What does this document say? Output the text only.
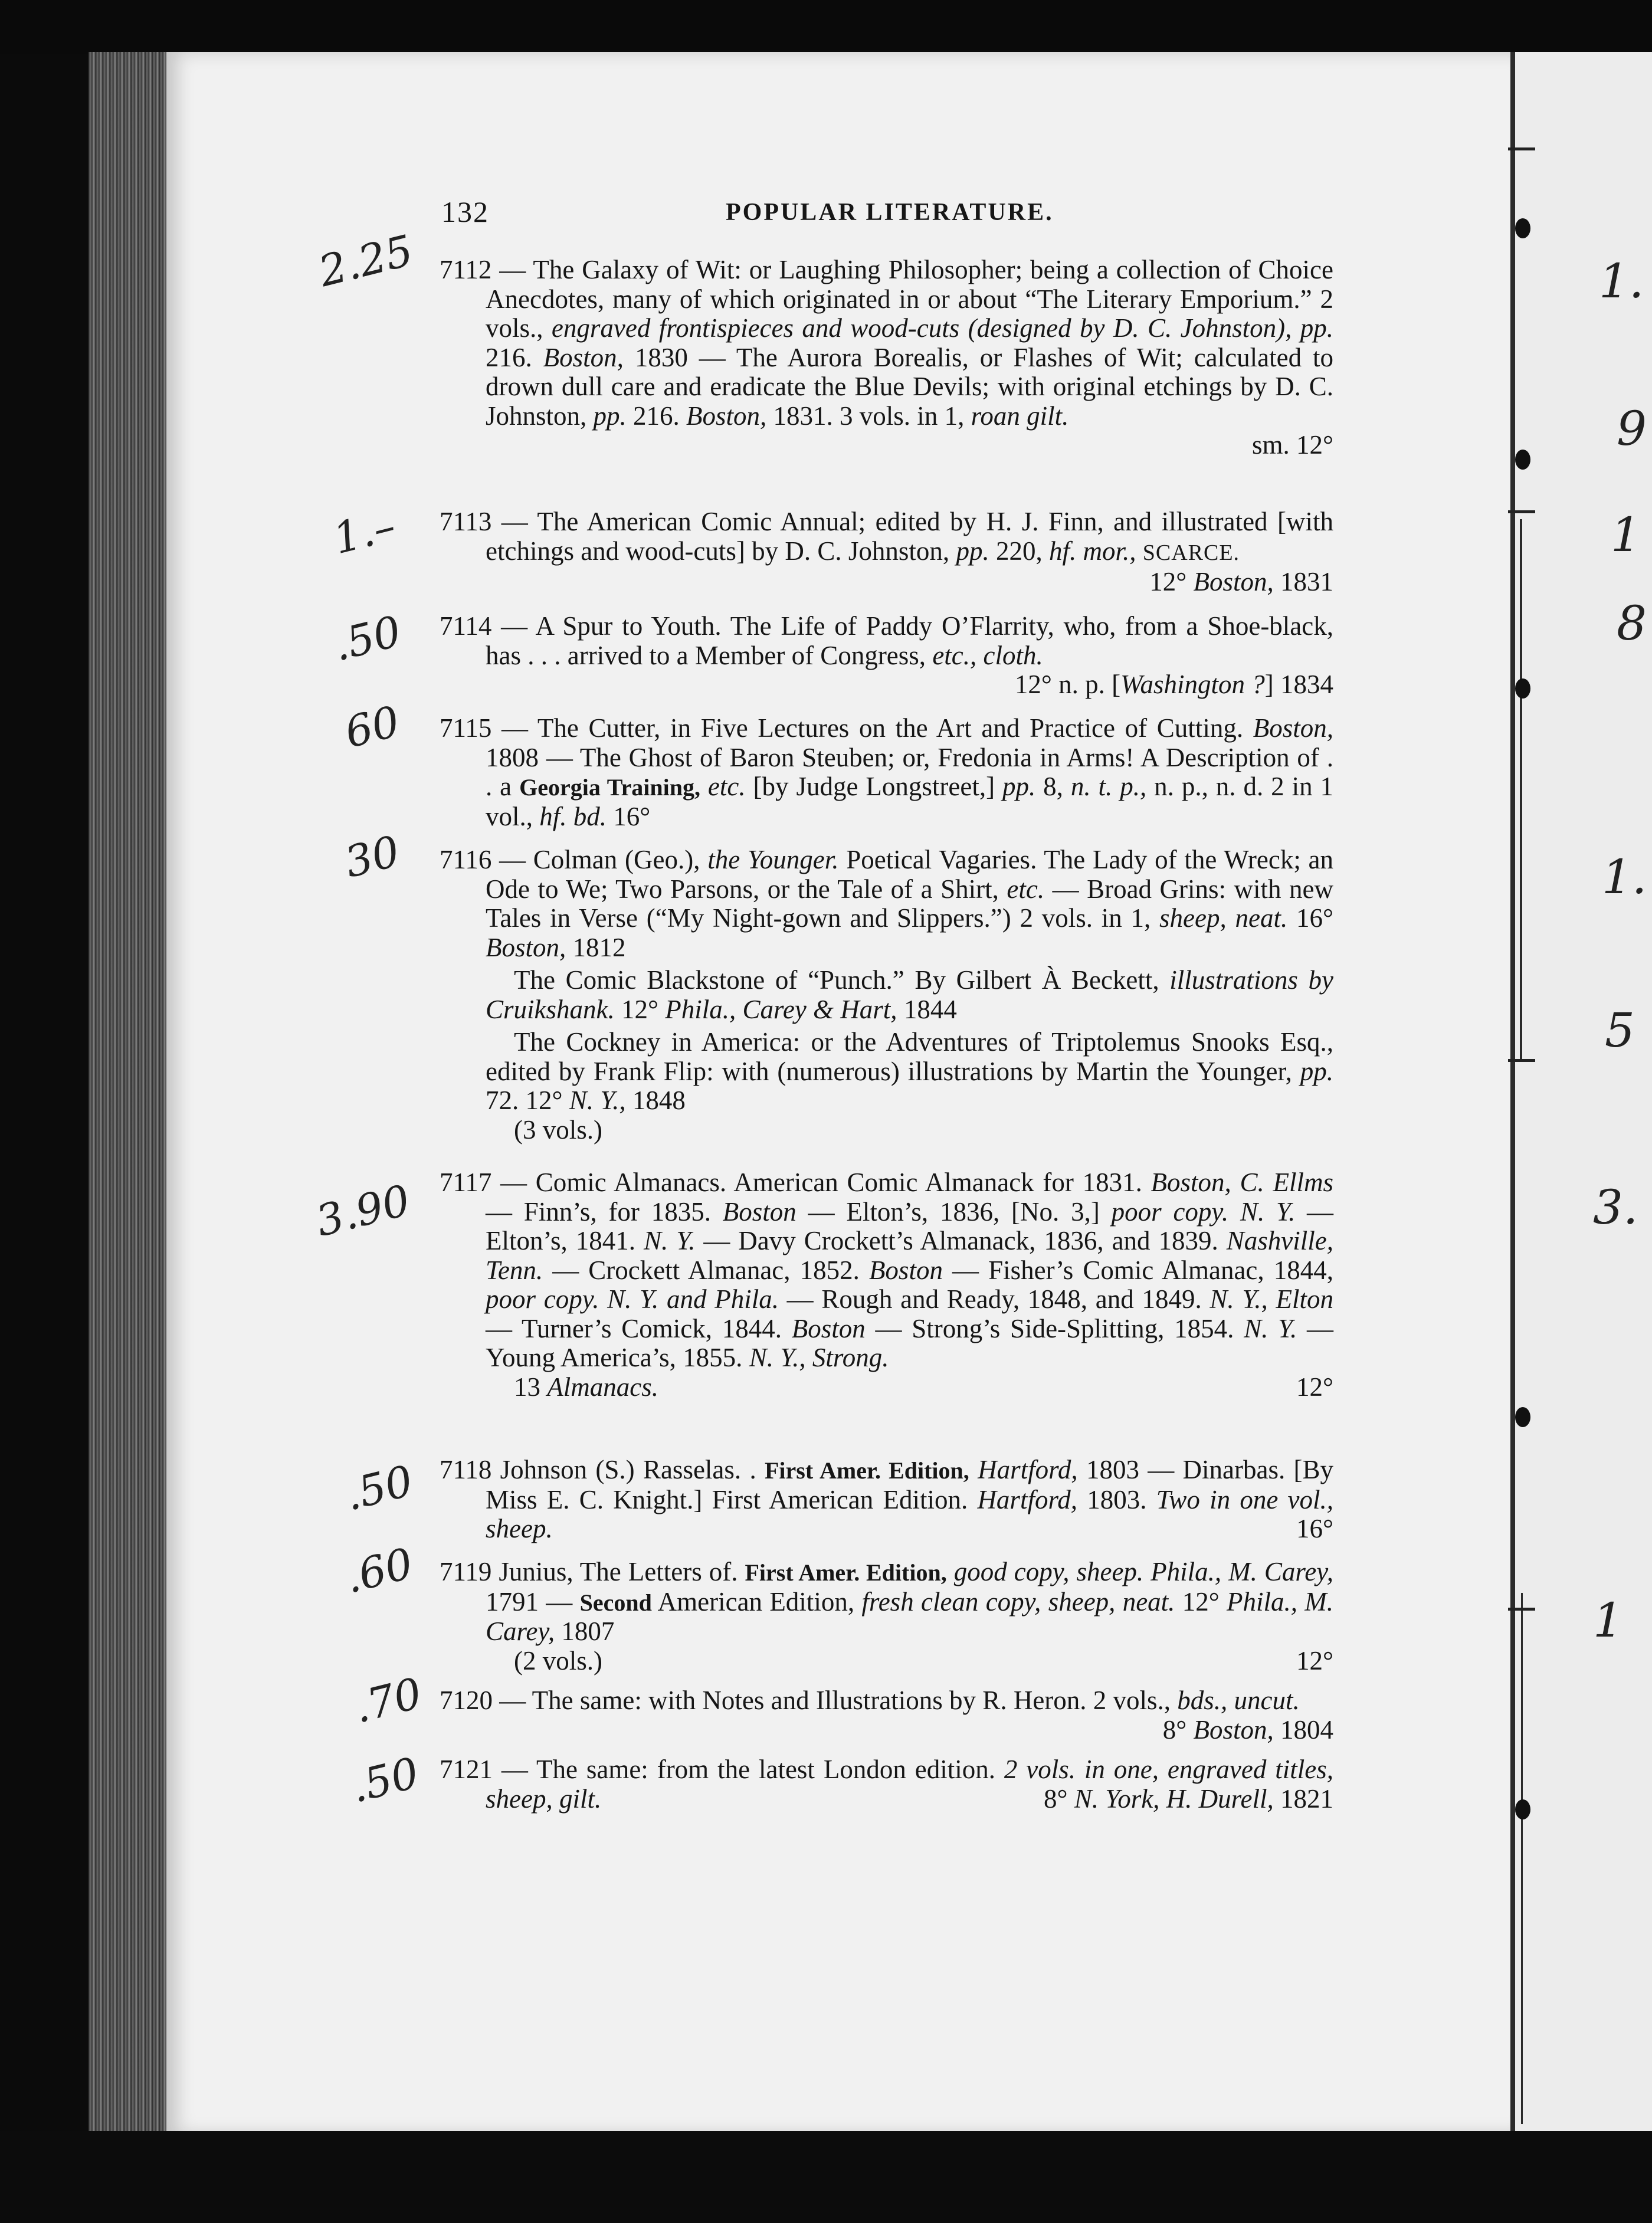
1.
9
1
8
1.
5
3.
1
132	POPULAR LITERATURE.
2.25
1.–
.50
60
30
3.90
.50
.60
.70
.50
7112 — The Galaxy of Wit: or Laughing Philosopher; being a collection of Choice Anecdotes, many of which originated in or about “The Literary Emporium.” 2 vols., engraved frontispieces and wood-cuts (designed by D. C. Johnston), pp. 216. Boston, 1830 — The Aurora Borealis, or Flashes of Wit; calculated to drown dull care and eradicate the Blue Devils; with original etchings by D. C. Johnston, pp. 216. Boston, 1831. 3 vols. in 1, roan gilt.
sm. 12°
7113 — The American Comic Annual; edited by H. J. Finn, and illustrated [with etchings and wood-cuts] by D. C. Johnston, pp. 220, hf. mor., SCARCE.
12° Boston, 1831
7114 — A Spur to Youth. The Life of Paddy O’Flarrity, who, from a Shoe-black, has . . . arrived to a Member of Congress, etc., cloth.
12° n. p. [Washington ?] 1834
7115 — The Cutter, in Five Lectures on the Art and Practice of Cutting. Boston, 1808 — The Ghost of Baron Steuben; or, Fredonia in Arms! A Description of . . a Georgia Training, etc. [by Judge Longstreet,] pp. 8, n. t. p., n. p., n. d. 2 in 1 vol., hf. bd. 16°
7116 — Colman (Geo.), the Younger. Poetical Vagaries. The Lady of the Wreck; an Ode to We; Two Parsons, or the Tale of a Shirt, etc. — Broad Grins: with new Tales in Verse (“My Night-gown and Slippers.”) 2 vols. in 1, sheep, neat. 16° Boston, 1812
The Comic Blackstone of “Punch.” By Gilbert À Beckett, illustrations by Cruikshank. 12° Phila., Carey & Hart, 1844
The Cockney in America: or the Adventures of Triptolemus Snooks Esq., edited by Frank Flip: with (numerous) illustrations by Martin the Younger, pp. 72. 12° N. Y., 1848
(3 vols.)
7117 — Comic Almanacs. American Comic Almanack for 1831. Boston, C. Ellms — Finn’s, for 1835. Boston — Elton’s, 1836, [No. 3,] poor copy. N. Y. — Elton’s, 1841. N. Y. — Davy Crockett’s Almanack, 1836, and 1839. Nashville, Tenn. — Crockett Almanac, 1852. Boston — Fisher’s Comic Almanac, 1844, poor copy. N. Y. and Phila. — Rough and Ready, 1848, and 1849. N. Y., Elton — Turner’s Comick, 1844. Boston — Strong’s Side-Splitting, 1854. N. Y. — Young America’s, 1855. N. Y., Strong.
13 Almanacs.	12°
7118 Johnson (S.) Rasselas. . First Amer. Edition, Hartford, 1803 — Dinarbas. [By Miss E. C. Knight.] First American Edition. Hartford, 1803. Two in one vol., sheep.	16°
7119 Junius, The Letters of. First Amer. Edition, good copy, sheep. Phila., M. Carey, 1791 — Second American Edition, fresh clean copy, sheep, neat. 12° Phila., M. Carey, 1807
(2 vols.)	12°
7120 — The same: with Notes and Illustrations by R. Heron. 2 vols., bds., uncut.
8° Boston, 1804
7121 — The same: from the latest London edition. 2 vols. in one, engraved titles, sheep, gilt.	8° N. York, H. Durell, 1821
